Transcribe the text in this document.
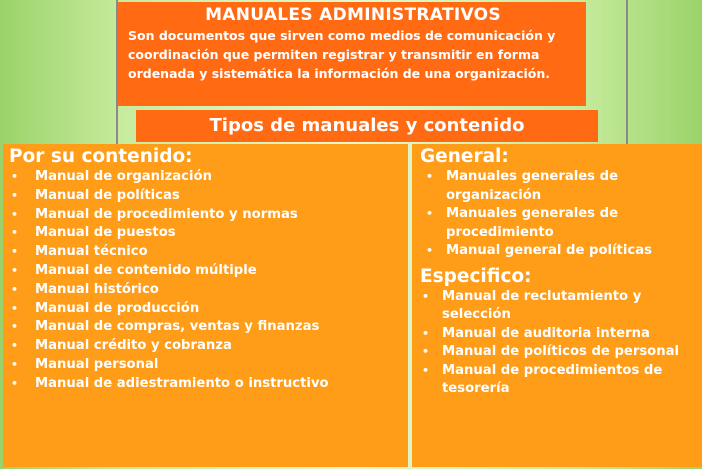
MANUALES ADMINISTRATIVOS
Son documentos que sirven como medios de comunicación y coordinación que permiten registrar y transmitir en forma ordenada y sistemática la información de una organización.
Tipos de manuales y contenido
Por su contenido:
• Manual de organización
• Manual de políticas
• Manual de procedimiento y normas
• Manual de puestos
• Manual técnico
• Manual de contenido múltiple
• Manual histórico
• Manual de producción
• Manual de compras, ventas y finanzas
• Manual crédito y cobranza
• Manual personal
• Manual de adiestramiento o instructivo
General:
• Manuales generales de organización
• Manuales generales de procedimiento
• Manual general de políticas
Especifico:
• Manual de reclutamiento y selección
• Manual de auditoria interna
• Manual de políticos de personal
• Manual de procedimientos de tesorería
